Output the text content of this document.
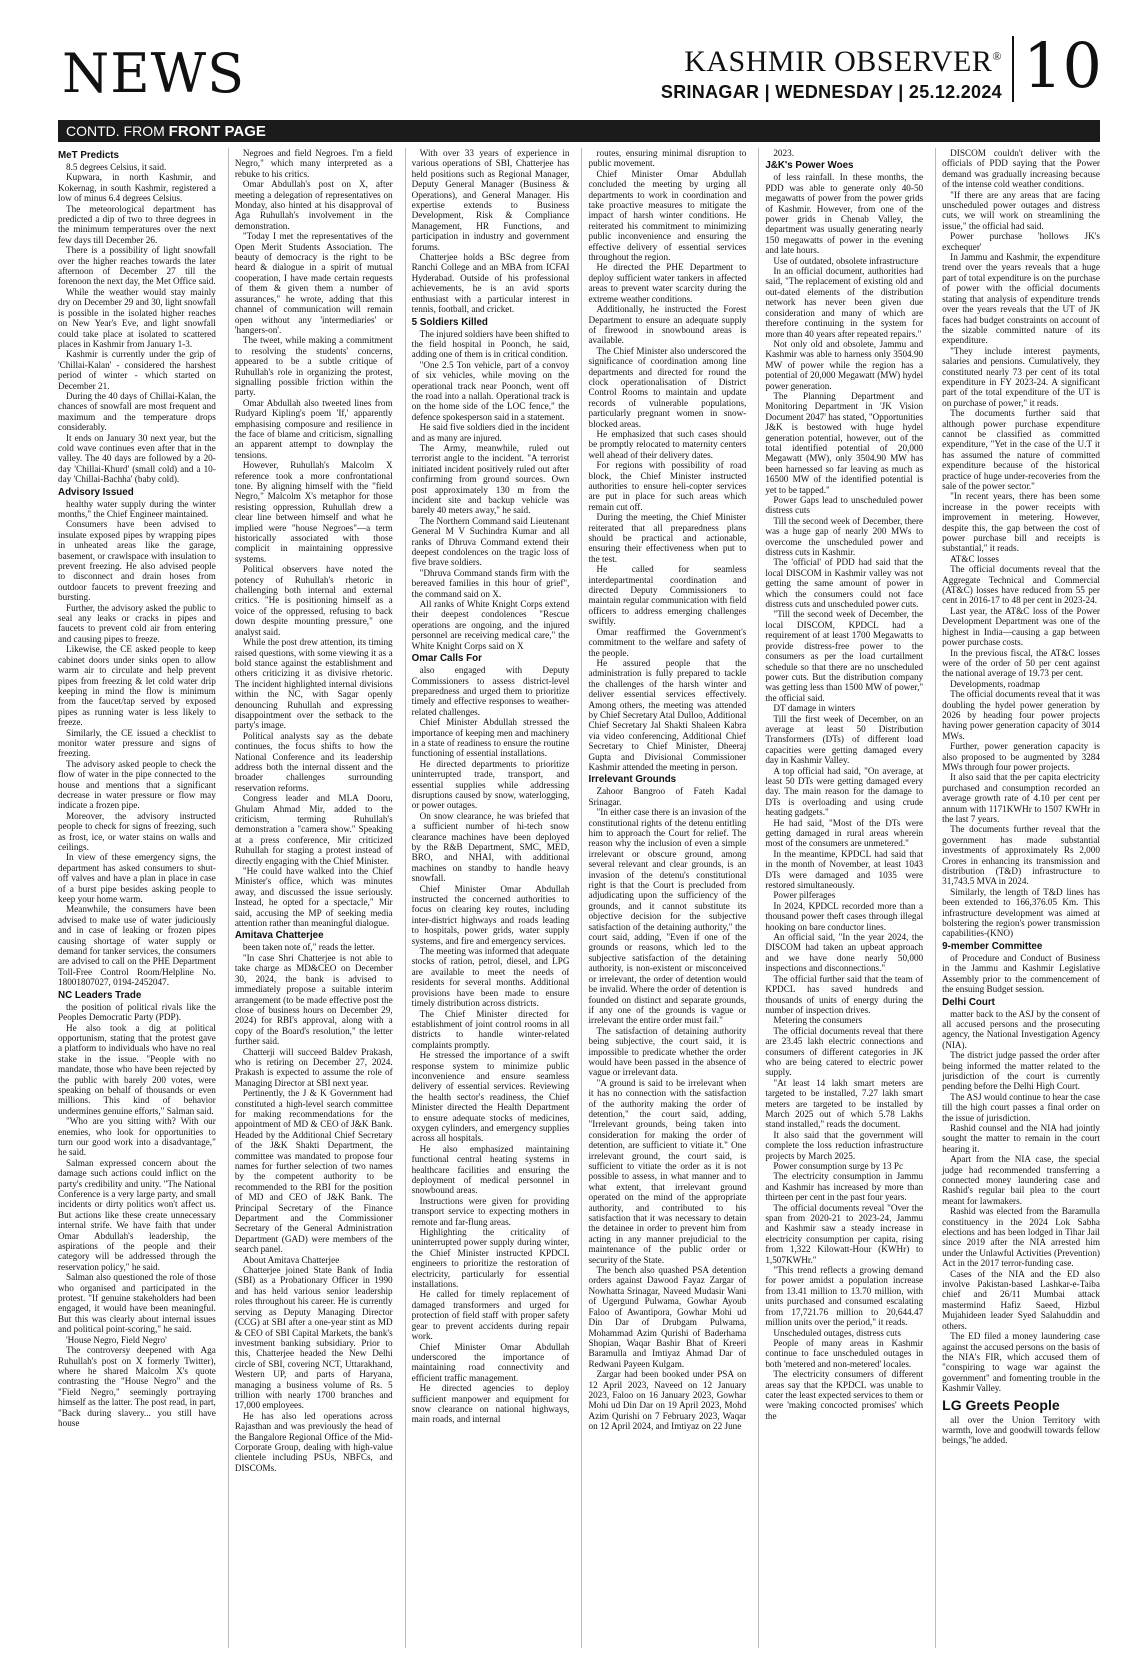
NEWS	KASHMIR OBSERVER®
SRINAGAR | WEDNESDAY | 25.12.2024 10
CONTD. FROM FRONT PAGE
MeT Predicts

8.5 degrees Celsius, it said.

Kupwara, in north Kashmir, and Kokernag, in south Kashmir, registered a low of minus 6.4 degrees Celsius.

The meteorological department has predicted a dip of two to three degrees in the minimum temperatures over the next few days till December 26.

There is a possibility of light snowfall over the higher reaches towards the later afternoon of December 27 till the forenoon the next day, the Met Office said.

While the weather would stay mainly dry on December 29 and 30, light snowfall is possible in the isolated higher reaches on New Year's Eve, and light snowfall could take place at isolated to scattered places in Kashmir from January 1-3.

Kashmir is currently under the grip of 'Chillai-Kalan' - considered the harshest period of winter - which started on December 21.

During the 40 days of Chillai-Kalan, the chances of snowfall are most frequent and maximum and the temperature drops considerably.

It ends on January 30 next year, but the cold wave continues even after that in the valley. The 40 days are followed by a 20-day 'Chillai-Khurd' (small cold) and a 10-day 'Chillai-Bachha' (baby cold).

Advisory Issued

healthy water supply during the winter months," the Chief Engineer maintained.

Consumers have been advised to insulate exposed pipes by wrapping pipes in unheated areas like the garage, basement, or crawlspace with insulation to prevent freezing. He also advised people to disconnect and drain hoses from outdoor faucets to prevent freezing and bursting.

Further, the advisory asked the public to seal any leaks or cracks in pipes and faucets to prevent cold air from entering and causing pipes to freeze.

Likewise, the CE asked people to keep cabinet doors under sinks open to allow warm air to circulate and help prevent pipes from freezing & let cold water drip keeping in mind the flow is minimum from the faucet/tap served by exposed pipes as running water is less likely to freeze.

Similarly, the CE issued a checklist to monitor water pressure and signs of freezing.

The advisory asked people to check the flow of water in the pipe connected to the house and mentions that a significant decrease in water pressure or flow may indicate a frozen pipe.

Moreover, the advisory instructed people to check for signs of freezing, such as frost, ice, or water stains on walls and ceilings.

In view of these emergency signs, the department has asked consumers to shut-off valves and have a plan in place in case of a burst pipe besides asking people to keep your home warm.

Meanwhile, the consumers have been advised to make use of water judiciously and in case of leaking or frozen pipes causing shortage of water supply or demand for tanker services, the consumers are advised to call on the PHE Department Toll-Free Control Room/Helpline No. 18001807027, 0194-2452047.

NC Leaders Trade

the position of political rivals like the Peoples Democratic Party (PDP).

He also took a dig at political opportunism, stating that the protest gave a platform to individuals who have no real stake in the issue. "People with no mandate, those who have been rejected by the public with barely 200 votes, were speaking on behalf of thousands or even millions. This kind of behavior undermines genuine efforts," Salman said.

"Who are you sitting with? With our enemies, who look for opportunities to turn our good work into a disadvantage," he said.

Salman expressed concern about the damage such actions could inflict on the party's credibility and unity. "The National Conference is a very large party, and small incidents or dirty politics won't affect us. But actions like these create unnecessary internal strife. We have faith that under Omar Abdullah's leadership, the aspirations of the people and their category will be addressed through the reservation policy," he said.

Salman also questioned the role of those who organised and participated in the protest. "If genuine stakeholders had been engaged, it would have been meaningful. But this was clearly about internal issues and political point-scoring," he said.

'House Negro, Field Negro'

The controversy deepened with Aga Ruhullah's post on X formerly Twitter), where he shared Malcolm X's quote contrasting the "House Negro" and the "Field Negro," seemingly portraying himself as the latter. The post read, in part, "Back during slavery... you still have house

Negroes and field Negroes. I'm a field Negro," which many interpreted as a rebuke to his critics.

Omar Abdullah's post on X, after meeting a delegation of representatives on Monday, also hinted at his disapproval of Aga Ruhullah's involvement in the demonstration.

"Today I met the representatives of the Open Merit Students Association. The beauty of democracy is the right to be heard & dialogue in a spirit of mutual cooperation, I have made certain requests of them & given them a number of assurances," he wrote, adding that this channel of communication will remain open without any 'intermediaries' or 'hangers-on'.

The tweet, while making a commitment to resolving the students' concerns, appeared to be a subtle critique of Ruhullah's role in organizing the protest, signalling possible friction within the party.

Omar Abdullah also tweeted lines from Rudyard Kipling's poem 'If,' apparently emphasising composure and resilience in the face of blame and criticism, signalling an apparent attempt to downplay the tensions.

However, Ruhullah's Malcolm X reference took a more confrontational tone. By aligning himself with the "field Negro," Malcolm X's metaphor for those resisting oppression, Ruhullah drew a clear line between himself and what he implied were "house Negroes"—a term historically associated with those complicit in maintaining oppressive systems.

Political observers have noted the potency of Ruhullah's rhetoric in challenging both internal and external critics. "He is positioning himself as a voice of the oppressed, refusing to back down despite mounting pressure," one analyst said.

While the post drew attention, its timing raised questions, with some viewing it as a bold stance against the establishment and others criticizing it as divisive rhetoric. The incident highlighted internal divisions within the NC, with Sagar openly denouncing Ruhullah and expressing disappointment over the setback to the party's image.

Political analysts say as the debate continues, the focus shifts to how the National Conference and its leadership address both the internal dissent and the broader challenges surrounding reservation reforms.

Congress leader and MLA Dooru, Ghulam Ahmad Mir, added to the criticism, terming Ruhullah's demonstration a "camera show." Speaking at a press conference, Mir criticized Ruhullah for staging a protest instead of directly engaging with the Chief Minister.

"He could have walked into the Chief Minister's office, which was minutes away, and discussed the issue seriously. Instead, he opted for a spectacle," Mir said, accusing the MP of seeking media attention rather than meaningful dialogue.

Amitava Chatterjee

been taken note of," reads the letter.

"In case Shri Chatterjee is not able to take charge as MD&CEO on December 30, 2024, the bank is advised to immediately propose a suitable interim arrangement (to be made effective post the close of business hours on December 29, 2024) for RBI's approval, along with a copy of the Board's resolution," the letter further said.

Chatterji will succeed Baldev Prakash, who is retiring on December 27, 2024. Prakash is expected to assume the role of Managing Director at SBI next year.

Pertinently, the J & K Government had constituted a high-level search committee for making recommendations for the appointment of MD & CEO of J&K Bank. Headed by the Additional Chief Secretary of the J&K Shakti Department, the committee was mandated to propose four names for further selection of two names by the competent authority to be recommended to the RBI for the position of MD and CEO of J&K Bank. The Principal Secretary of the Finance Department and the Commissioner Secretary of the General Administration Department (GAD) were members of the search panel.

About Amitava Chatterjee

Chatterjee joined State Bank of India (SBI) as a Probationary Officer in 1990 and has held various senior leadership roles throughout his career. He is currently serving as Deputy Managing Director (CCG) at SBI after a one-year stint as MD & CEO of SBI Capital Markets, the bank's investment banking subsidiary. Prior to this, Chatterjee headed the New Delhi circle of SBI, covering NCT, Uttarakhand, Western UP, and parts of Haryana, managing a business volume of Rs. 5 trillion with nearly 1700 branches and 17,000 employees.

He has also led operations across Rajasthan and was previously the head of the Bangalore Regional Office of the Mid-Corporate Group, dealing with high-value clientele including PSUs, NBFCs, and DISCOMs.

With over 33 years of experience in various operations of SBI, Chatterjee has held positions such as Regional Manager, Deputy General Manager (Business & Operations), and General Manager. His expertise extends to Business Development, Risk & Compliance Management, HR Functions, and participation in industry and government forums.

Chatterjee holds a BSc degree from Ranchi College and an MBA from ICFAI Hyderabad. Outside of his professional achievements, he is an avid sports enthusiast with a particular interest in tennis, football, and cricket.

5 Soldiers Killed

The injured soldiers have been shifted to the field hospital in Poonch, he said, adding one of them is in critical condition.

"One 2.5 Ton vehicle, part of a convoy of six vehicles, while moving on the operational track near Poonch, went off the road into a nallah. Operational track is on the home side of the LOC fence," the defence spokesperson said in a statement.

He said five soldiers died in the incident and as many are injured.

The Army, meanwhile, ruled out terrorist angle to the incident. "A terrorist initiated incident positively ruled out after confirming from ground sources. Own post approximately 130 m from the incident site and backup vehicle was barely 40 meters away," he said.

The Northern Command said Lieutenant General M V Suchindra Kumar and all ranks of Dhruva Command extend their deepest condolences on the tragic loss of five brave soldiers.

"Dhruva Command stands firm with the bereaved families in this hour of grief", the command said on X.

All ranks of White Knight Corps extend their deepest condolences "Rescue operations are ongoing, and the injured personnel are receiving medical care," the White Knight Corps said on X

Omar Calls For

also engaged with Deputy Commissioners to assess district-level preparedness and urged them to prioritize timely and effective responses to weather-related challenges.

Chief Minister Abdullah stressed the importance of keeping men and machinery in a state of readiness to ensure the routine functioning of essential installations.

He directed departments to prioritize uninterrupted trade, transport, and essential supplies while addressing disruptions caused by snow, waterlogging, or power outages.

On snow clearance, he was briefed that a sufficient number of hi-tech snow clearance machines have been deployed by the R&B Department, SMC, MED, BRO, and NHAI, with additional machines on standby to handle heavy snowfall.

Chief Minister Omar Abdullah instructed the concerned authorities to focus on clearing key routes, including inter-district highways and roads leading to hospitals, power grids, water supply systems, and fire and emergency services.

The meeting was informed that adequate stocks of ration, petrol, diesel, and LPG are available to meet the needs of residents for several months. Additional provisions have been made to ensure timely distribution across districts.

The Chief Minister directed for establishment of joint control rooms in all districts to handle winter-related complaints promptly.

He stressed the importance of a swift response system to minimize public inconvenience and ensure seamless delivery of essential services. Reviewing the health sector's readiness, the Chief Minister directed the Health Department to ensure adequate stocks of medicines, oxygen cylinders, and emergency supplies across all hospitals.

He also emphasized maintaining functional central heating systems in healthcare facilities and ensuring the deployment of medical personnel in snowbound areas.

Instructions were given for providing transport service to expecting mothers in remote and far-flung areas.

Highlighting the criticality of uninterrupted power supply during winter, the Chief Minister instructed KPDCL engineers to prioritize the restoration of electricity, particularly for essential installations.

He called for timely replacement of damaged transformers and urged for protection of field staff with proper safety gear to prevent accidents during repair work.

Chief Minister Omar Abdullah underscored the importance of maintaining road connectivity and efficient traffic management.

He directed agencies to deploy sufficient manpower and equipment for snow clearance on national highways, main roads, and internal

routes, ensuring minimal disruption to public movement.

Chief Minister Omar Abdullah concluded the meeting by urging all departments to work in coordination and take proactive measures to mitigate the impact of harsh winter conditions. He reiterated his commitment to minimizing public inconvenience and ensuring the effective delivery of essential services throughout the region.

He directed the PHE Department to deploy sufficient water tankers in affected areas to prevent water scarcity during the extreme weather conditions.

Additionally, he instructed the Forest Department to ensure an adequate supply of firewood in snowbound areas is available.

The Chief Minister also underscored the significance of coordination among line departments and directed for round the clock operationalisation of District Control Rooms to maintain and update records of vulnerable populations, particularly pregnant women in snow-blocked areas.

He emphasized that such cases should be promptly relocated to maternity centers well ahead of their delivery dates.

For regions with possibility of road block, the Chief Minister instructed authorities to ensure heli-copter services are put in place for such areas which remain cut off.

During the meeting, the Chief Minister reiterated that all preparedness plans should be practical and actionable, ensuring their effectiveness when put to the test.

He called for seamless interdepartmental coordination and directed Deputy Commissioners to maintain regular communication with field officers to address emerging challenges swiftly.

Omar reaffirmed the Government's commitment to the welfare and safety of the people.

He assured people that the administration is fully prepared to tackle the challenges of the harsh winter and deliver essential services effectively. Among others, the meeting was attended by Chief Secretary Atal Dulloo, Additional Chief Secretary Jal Shakti Shaleen Kabra via video conferencing, Additional Chief Secretary to Chief Minister, Dheeraj Gupta and Divisional Commissioner Kashmir attended the meeting in person.

Irrelevant Grounds

Zahoor Bangroo of Fateh Kadal Srinagar.

"In either case there is an invasion of the constitutional rights of the detenu entitling him to approach the Court for relief. The reason why the inclusion of even a simple irrelevant or obscure ground, among several relevant and clear grounds, is an invasion of the detenu's constitutional right is that the Court is precluded from adjudicating upon the sufficiency of the grounds, and it cannot substitute its objective decision for the subjective satisfaction of the detaining authority," the court said, adding, "Even if one of the grounds or reasons, which led to the subjective satisfaction of the detaining authority, is non-existent or misconceived or irrelevant, the order of detention would be invalid. Where the order of detention is founded on distinct and separate grounds, if any one of the grounds is vague or irrelevant the entire order must fail."

The satisfaction of detaining authority being subjective, the court said, it is impossible to predicate whether the order would have been passed in the absence of vague or irrelevant data.

"A ground is said to be irrelevant when it has no connection with the satisfaction of the authority making the order of detention," the court said, adding, "Irrelevant grounds, being taken into consideration for making the order of detention, are sufficient to vitiate it." One irrelevant ground, the court said, is sufficient to vitiate the order as it is not possible to assess, in what manner and to what extent, that irrelevant ground operated on the mind of the appropriate authority, and contributed to his satisfaction that it was necessary to detain the detainee in order to prevent him from acting in any manner prejudicial to the maintenance of the public order or security of the State.

The bench also quashed PSA detention orders against Dawood Fayaz Zargar of Nowhatta Srinagar, Naveed Mudasir Wani of Ugergund Pulwama, Gowhar Ayoub Faloo of Awantipora, Gowhar Mohi ud Din Dar of Drubgam Pulwama, Mohammad Azim Qurishi of Baderhama Shopian, Waqar Bashir Bhat of Kreeri Baramulla and Imtiyaz Ahmad Dar of Redwani Payeen Kulgam.

Zargar had been booked under PSA on 12 April 2023, Naveed on 12 January 2023, Faloo on 16 January 2023, Gowhar Mohi ud Din Dar on 19 April 2023, Mohd Azim Qurishi on 7 February 2023, Waqar on 12 April 2024, and Imtiyaz on 22 June

2023.

J&K's Power Woes

of less rainfall. In these months, the PDD was able to generate only 40-50 megawatts of power from the power grids of Kashmir. However, from one of the power grids in Chenab Valley, the department was usually generating nearly 150 megawatts of power in the evening and late hours.

Use of outdated, obsolete infrastructure

In an official document, authorities had said, "The replacement of existing old and out-dated elements of the distribution network has never been given due consideration and many of which are therefore continuing in the system for more than 40 years after repeated repairs."

Not only old and obsolete, Jammu and Kashmir was able to harness only 3504.90 MW of power while the region has a potential of 20,000 Megawatt (MW) hydel power generation.

The Planning Department and Monitoring Department in 'JK Vision Document 2047' has stated, "Opportunities J&K is bestowed with huge hydel generation potential, however, out of the total identified potential of 20,000 Megawatt (MW), only 3504.90 MW has been harnessed so far leaving as much as 16500 MW of the identified potential is yet to be tapped."

Power Gaps lead to unscheduled power distress cuts

Till the second week of December, there was a huge gap of nearly 200 MWs to overcome the unscheduled power and distress cuts in Kashmir.

The 'official' of PDD had said that the local DISCOM in Kashmir valley was not getting the same amount of power in which the consumers could not face distress cuts and unscheduled power cuts.

"Till the second week of December, the local DISCOM, KPDCL had a requirement of at least 1700 Megawatts to provide distress-free power to the consumers as per the load curtailment schedule so that there are no unscheduled power cuts. But the distribution company was getting less than 1500 MW of power," the official said.

DT damage in winters

Till the first week of December, on an average at least 50 Distribution Transformers (DTs) of different load capacities were getting damaged every day in Kashmir Valley.

A top official had said, "On average, at least 50 DTs were getting damaged every day. The main reason for the damage to DTs is overloading and using crude heating gadgets."

He had said, "Most of the DTs were getting damaged in rural areas wherein most of the consumers are unmetered."

In the meantime, KPDCL had said that in the month of November, at least 1043 DTs were damaged and 1035 were restored simultaneously.

Power pilferages

In 2024, KPDCL recorded more than a thousand power theft cases through illegal hooking on bare conductor lines.

An official said, "In the year 2024, the DISCOM had taken an upbeat approach and we have done nearly 50,000 inspections and disconnections."

The official further said that the team of KPDCL has saved hundreds and thousands of units of energy during the number of inspection drives.

Metering the consumers

The official documents reveal that there are 23.45 lakh electric connections and consumers of different categories in JK who are being catered to electric power supply.

"At least 14 lakh smart meters are targeted to be installed, 7.27 lakh smart meters are targeted to be installed by March 2025 out of which 5.78 Lakhs stand installed," reads the document.

It also said that the government will complete the loss reduction infrastructure projects by March 2025.

Power consumption surge by 13 Pc

The electricity consumption in Jammu and Kashmir has increased by more than thirteen per cent in the past four years.

The official documents reveal "Over the span from 2020-21 to 2023-24, Jammu and Kashmir saw a steady increase in electricity consumption per capita, rising from 1,322 Kilowatt-Hour (KWHr) to 1,507KWHr."

"This trend reflects a growing demand for power amidst a population increase from 13.41 million to 13.70 million, with units purchased and consumed escalating from 17,721.76 million to 20,644.47 million units over the period," it reads.

Unscheduled outages, distress cuts

People of many areas in Kashmir continue to face unscheduled outages in both 'metered and non-metered' locales.

The electricity consumers of different areas say that the KPDCL was unable to cater the least expected services to them or were 'making concocted promises' which the

DISCOM couldn't deliver with the officials of PDD saying that the Power demand was gradually increasing because of the intense cold weather conditions.

"If there are any areas that are facing unscheduled power outages and distress cuts, we will work on streamlining the issue," the official had said.

Power purchase 'hollows JK's exchequer'

In Jammu and Kashmir, the expenditure trend over the years reveals that a huge part of total expenditure is on the purchase of power with the official documents stating that analysis of expenditure trends over the years reveals that the UT of JK faces had budget constraints on account of the sizable committed nature of its expenditure.

"They include interest payments, salaries and pensions. Cumulatively, they constituted nearly 73 per cent of its total expenditure in FY 2023-24. A significant part of the total expenditure of the UT is on purchase of power," it reads.

The documents further said that although power purchase expenditure cannot be classified as committed expenditure, "Yet in the case of the U.T it has assumed the nature of committed expenditure because of the historical practice of huge under-recoveries from the sale of the power sector."

"In recent years, there has been some increase in the power receipts with improvement in metering. However, despite this, the gap between the cost of power purchase bill and receipts is substantial," it reads.

AT&C losses

The official documents reveal that the Aggregate Technical and Commercial (AT&C) losses have reduced from 55 per cent in 2016-17 to 48 per cent in 2023-24.

Last year, the AT&C loss of the Power Development Department was one of the highest in India—causing a gap between power purchase costs.

In the previous fiscal, the AT&C losses were of the order of 50 per cent against the national average of 19.73 per cent.

Developments, roadmap

The official documents reveal that it was doubling the hydel power generation by 2026 by heading four power projects having power generation capacity of 3014 MWs.

Further, power generation capacity is also proposed to be augmented by 3284 MWs through four power projects.

It also said that the per capita electricity purchased and consumption recorded an average growth rate of 4.10 per cent per annum with 1171KWHr to 1507 KWHr in the last 7 years.

The documents further reveal that the government has made substantial investments of approximately Rs 2,000 Crores in enhancing its transmission and distribution (T&D) infrastructure to 31,743.5 MVA in 2024.

Similarly, the length of T&D lines has been extended to 166,376.05 Km. This infrastructure development was aimed at bolstering the region's power transmission capabilities-(KNO)

9-member Committee

of Procedure and Conduct of Business in the Jammu and Kashmir Legislative Assembly prior to the commencement of the ensuing Budget session.

Delhi Court

matter back to the ASJ by the consent of all accused persons and the prosecuting agency, the National Investigation Agency (NIA).

The district judge passed the order after being informed the matter related to the jurisdiction of the court is currently pending before the Delhi High Court.

The ASJ would continue to hear the case till the high court passes a final order on the issue of jurisdiction.

Rashid counsel and the NIA had jointly sought the matter to remain in the court hearing it.

Apart from the NIA case, the special judge had recommended transferring a connected money laundering case and Rashid's regular bail plea to the court meant for lawmakers.

Rashid was elected from the Baramulla constituency in the 2024 Lok Sabha elections and has been lodged in Tihar Jail since 2019 after the NIA arrested him under the Unlawful Activities (Prevention) Act in the 2017 terror-funding case.

Cases of the NIA and the ED also involve Pakistan-based Lashkar-e-Taiba chief and 26/11 Mumbai attack mastermind Hafiz Saeed, Hizbul Mujahideen leader Syed Salahuddin and others.

The ED filed a money laundering case against the accused persons on the basis of the NIA's FIR, which accused them of "conspiring to wage war against the government" and fomenting trouble in the Kashmir Valley.

LG Greets People

all over the Union Territory with warmth, love and goodwill towards fellow beings,"he added.
